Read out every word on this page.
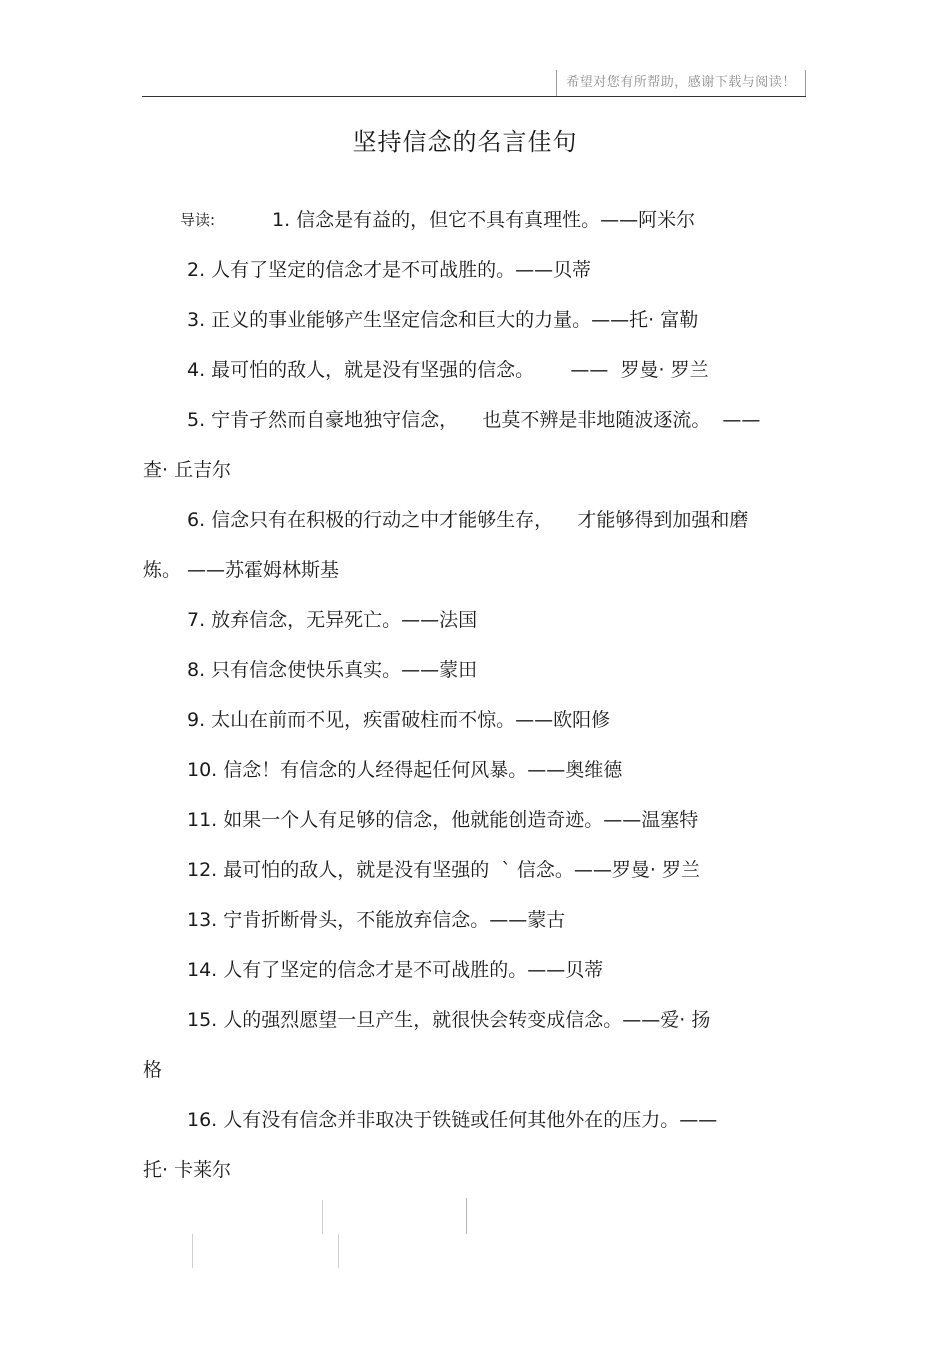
希望对您有所帮助，感谢下载与阅读！
坚持信念的名言佳句
导读:	1. 信念是有益的，但它不具有真理性。——阿米尔
2. 人有了坚定的信念才是不可战胜的。——贝蒂
3. 正义的事业能够产生坚定信念和巨大的力量。——托· 富勒
4. 最可怕的敌人，就是没有坚强的信念。      ——  罗曼· 罗兰
5. 宁肯孑然而自豪地独守信念，    也莫不辨是非地随波逐流。  ——
查· 丘吉尔
6. 信念只有在积极的行动之中才能够生存，    才能够得到加强和磨
炼。 ——苏霍姆林斯基
7. 放弃信念，无异死亡。——法国
8. 只有信念使快乐真实。——蒙田
9. 太山在前而不见，疾雷破柱而不惊。——欧阳修
10. 信念！有信念的人经得起任何风暴。——奥维德
11. 如果一个人有足够的信念，他就能创造奇迹。——温塞特
12. 最可怕的敌人，就是没有坚强的  ` 信念。——罗曼· 罗兰
13. 宁肯折断骨头，不能放弃信念。——蒙古
14. 人有了坚定的信念才是不可战胜的。——贝蒂
15. 人的强烈愿望一旦产生，就很快会转变成信念。——爱· 扬
格
16. 人有没有信念并非取决于铁链或任何其他外在的压力。——
托· 卡莱尔
